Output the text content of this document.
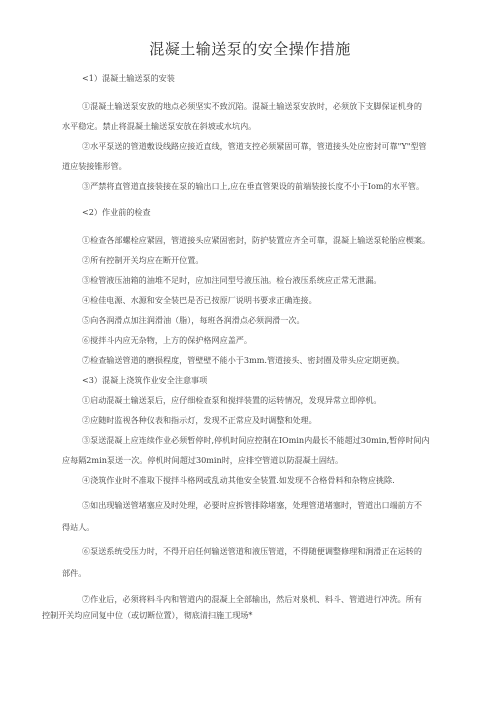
混凝土输送泵的安全操作措施
<1）混凝土输送泵的安装
①混凝土输送泵安放的地点必须坚实不致沉陷。混凝土输送泵安放时，必须放下支脚保证机身的
水平稳定。禁止将混凝土输送泵安放在斜坡或水坑内。
②水平泵送的管道敷设线路应接近直线，管道支控必须紧固可靠，管道接头处应密封可靠"Y"型管
道应装接锥形管。
③严禁将直管道直接装接在泵的输出口上,应在垂直管架设的前端装接长度不小于Iom的水平管。
<2）作业前的检查
①检查各部螺栓应紧固，管道接头应紧固密封，防护装置应齐全可靠，混凝上输送泵轮胎应楔案。
②所有控制开关均应在断开位置。
③检管液压油箱的油堆不足时，应加注同型号液压油。检台液压系统应正常无泄漏。
④检佳电源、水源和安全装巴是否已按原厂说明书要求正确连接。
⑤向各润滑点加注润滑油（脂），每班各润滑点必须润滑一次。
⑥搅拌斗内应无杂物，上方的保护格网应盖严。
⑦检查输送管道的磨损程度，管壁壁不能小于3mm.管道接头、密封圈及带头应定期更换。
<3）混凝上浇筑作业安全注意事项
①启动混凝土输送泵后，应仔细检查泵和搅拌装置的运转情况，发现异常立即停机。
②应随时监视各种仪表和指示灯，发现不正常应及时调整和处理。
③泵送混凝上应连续作业必须暂停时,停机时间应控制在IOmin内最长不能超过30min,暂停时间内
应每隔2min泵送一次。停机时间超过30min时，应排空管道以防混凝土固结。
④浇筑作业时不准取下搅拌斗格网或乱动其他安全装置.如发现不合格骨料和杂物应挑除.
⑤如出现输送管堵塞应及时处理，必要时应拆管排除堵塞，处理管道堵塞时，管道出口端前方不
得站人。
⑥泵送系统受压力时，不得开启任何输送管道和液压管道，不得随便调整修理和涧滑正在运转的
部件。
⑦作业后，必须将料斗内和管道内的混凝上全部输出，然后对泉机、料斗、管道进行冲洗。所有
控制开关均应同复中位（或切断位置），彻底清扫施工现场*
